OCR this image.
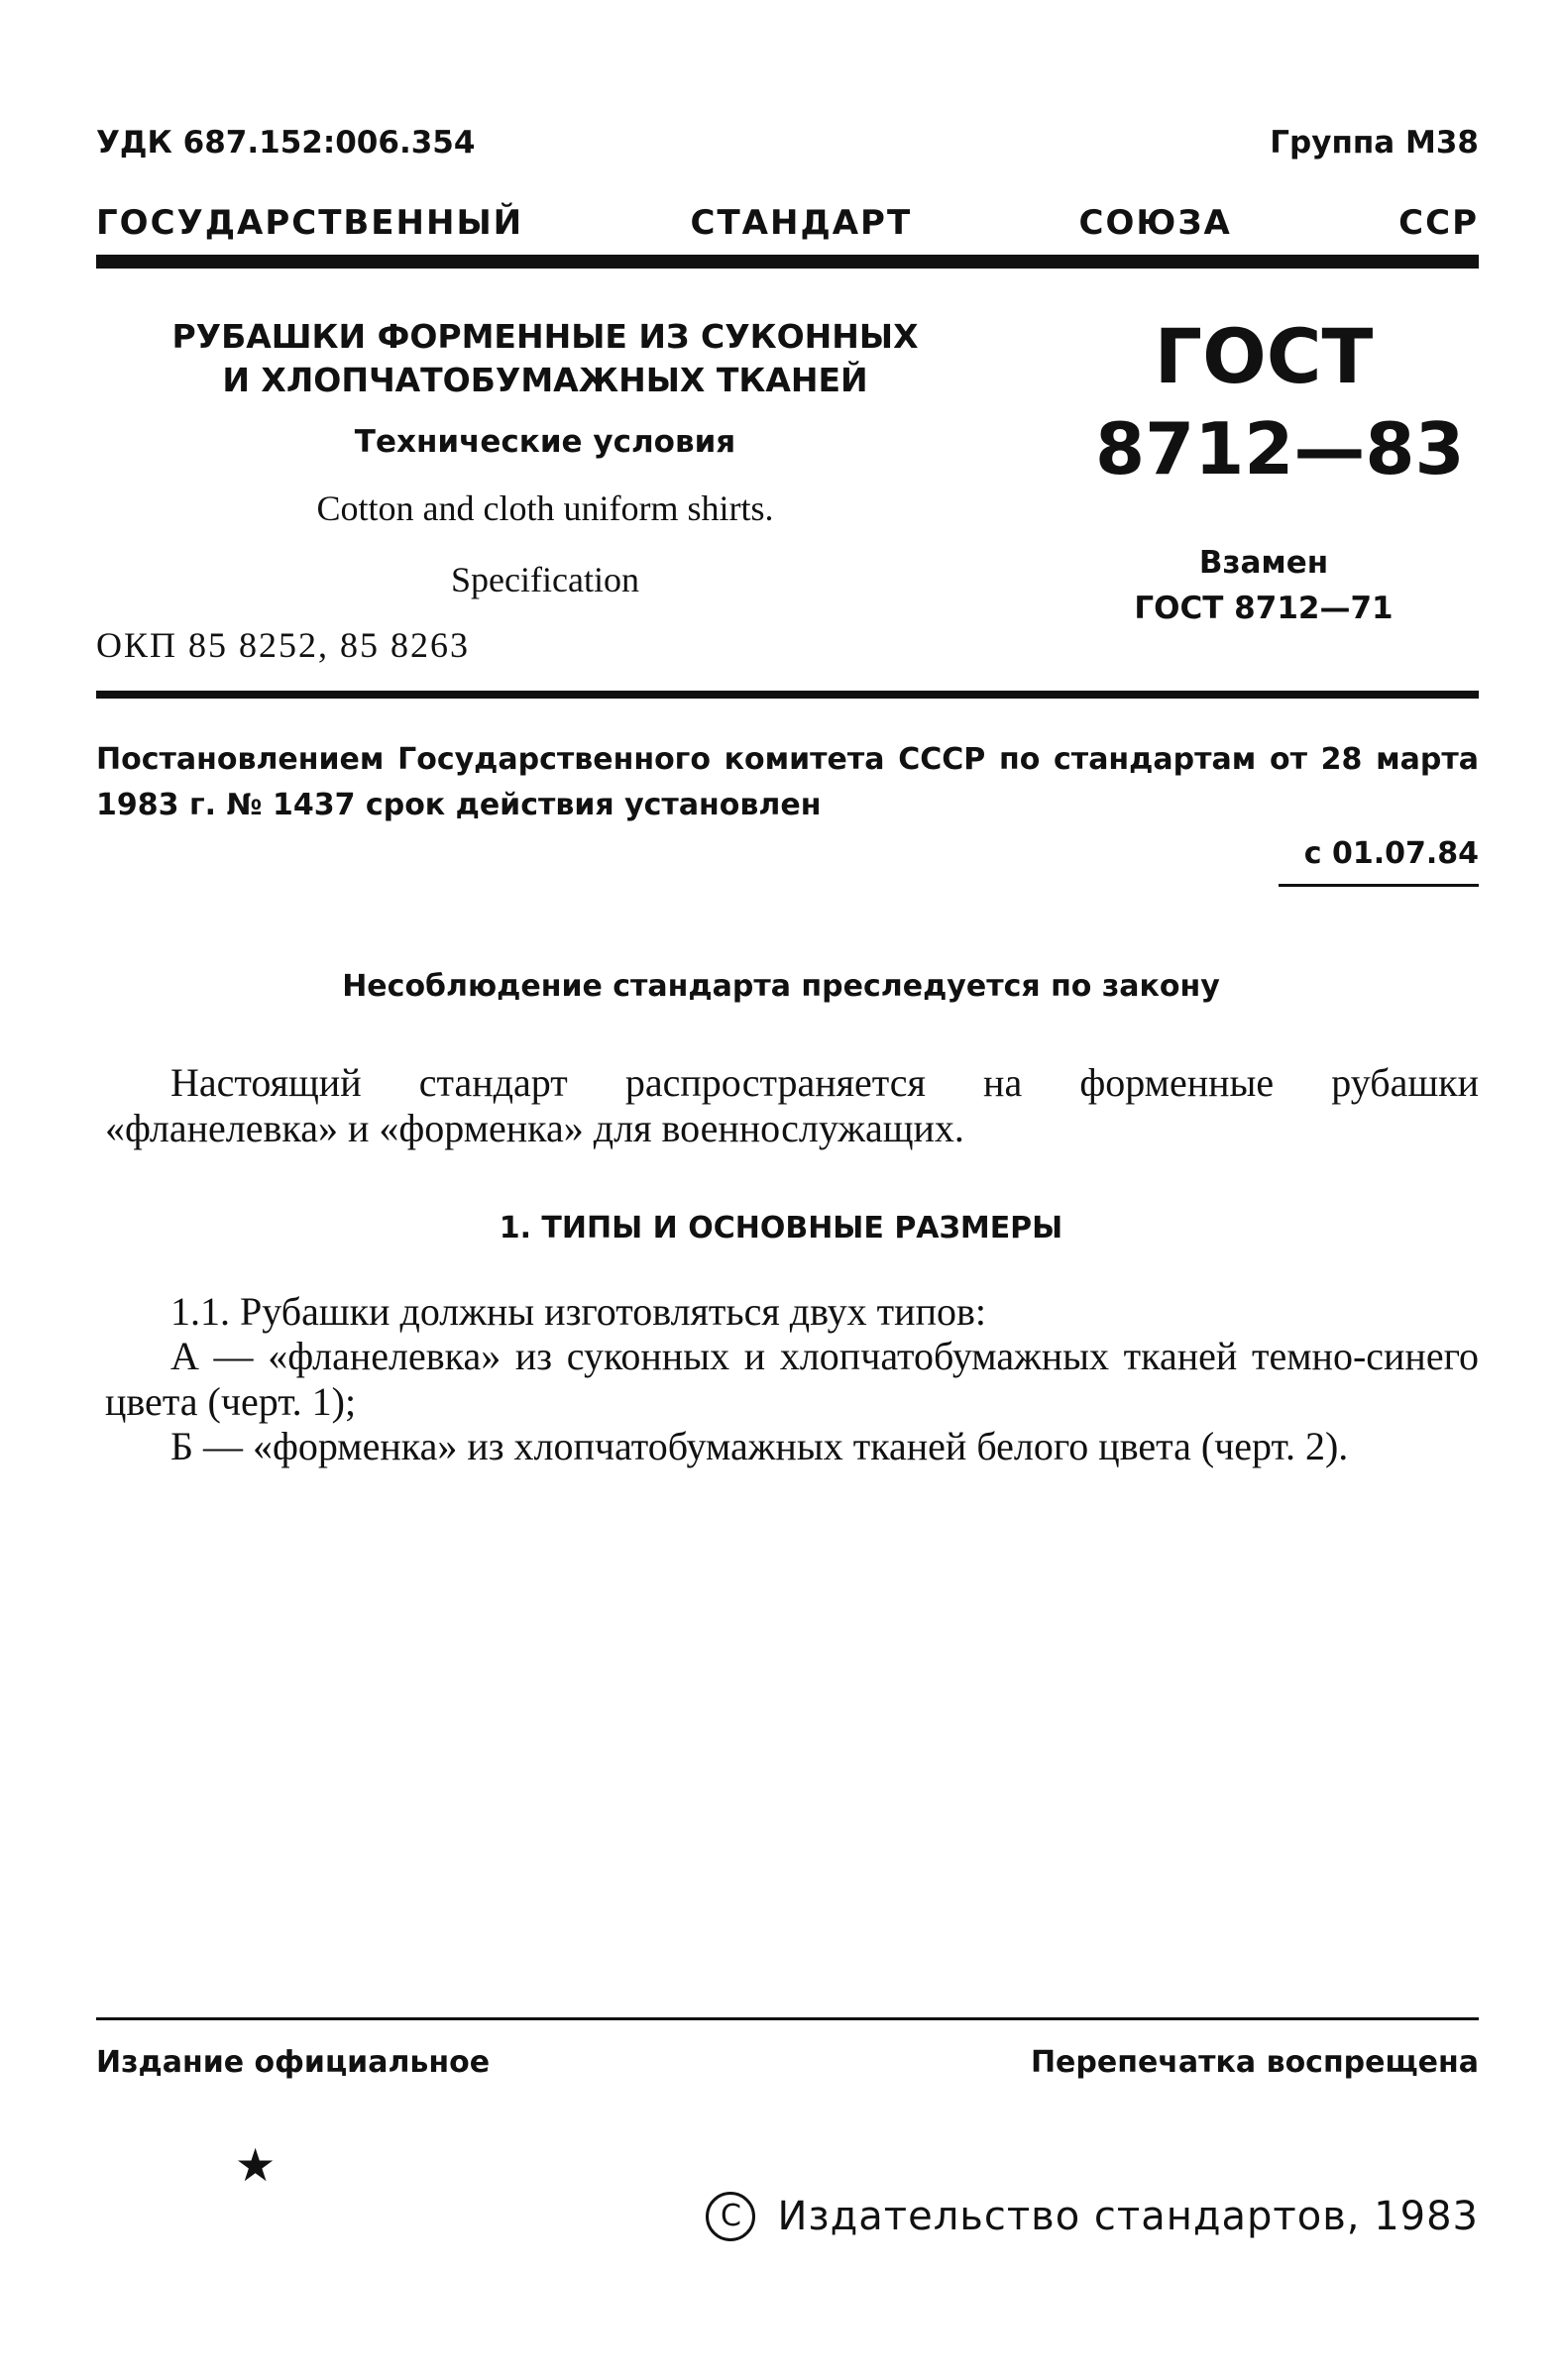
УДК 687.152:006.354	Группа М38
ГОСУДАРСТВЕННЫЙ	СТАНДАРТ	СОЮЗА	ССР
РУБАШКИ ФОРМЕННЫЕ ИЗ СУКОННЫХ
И ХЛОПЧАТОБУМАЖНЫХ ТКАНЕЙ
Технические условия
Cotton and cloth uniform shirts.
Specification
ГОСТ
8712—83
Взамен
ГОСТ 8712—71
ОКП 85 8252, 85 8263
Постановлением Государственного комитета СССР по стандартам от 28 марта 1983 г. № 1437 срок действия установлен
с 01.07.84
Несоблюдение стандарта преследуется по закону
Настоящий стандарт распространяется на форменные рубашки «фланелевка» и «форменка» для военнослужащих.
1. ТИПЫ И ОСНОВНЫЕ РАЗМЕРЫ
1.1. Рубашки должны изготовляться двух типов:
А — «фланелевка» из суконных и хлопчатобумажных тканей темно-синего цвета (черт. 1);
Б — «форменка» из хлопчатобумажных тканей белого цвета (черт. 2).
Издание официальное	Перепечатка воспрещена
★
C Издательство стандартов, 1983
